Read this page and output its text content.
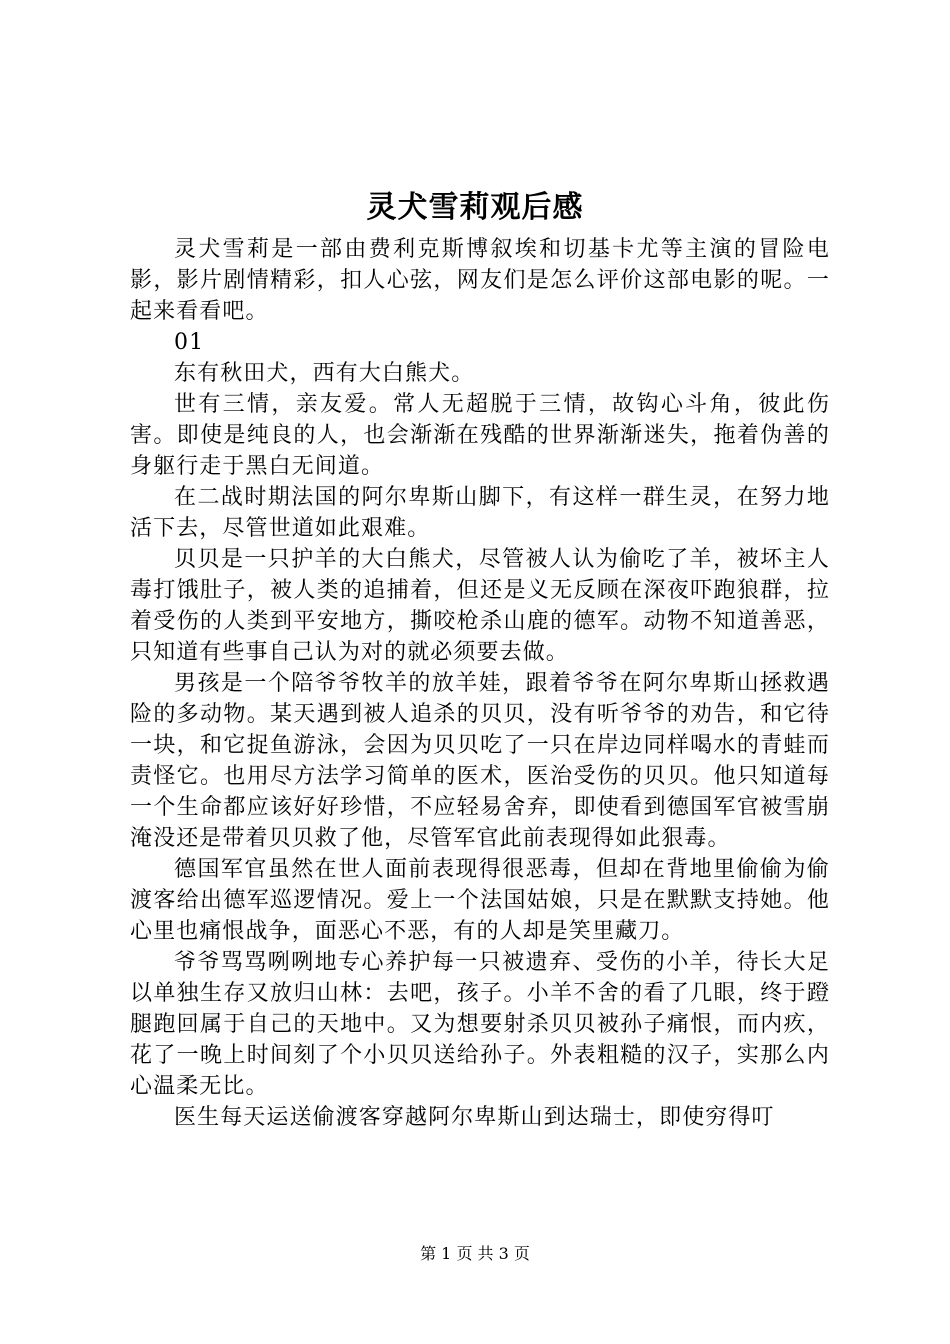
灵犬雪莉观后感

灵犬雪莉是一部由费利克斯博叙埃和切基卡尤等主演的冒险电影，影片剧情精彩，扣人心弦，网友们是怎么评价这部电影的呢。一起来看看吧。

01

东有秋田犬，西有大白熊犬。

世有三情，亲友爱。常人无超脱于三情，故钩心斗角，彼此伤害。即使是纯良的人，也会渐渐在残酷的世界渐渐迷失，拖着伪善的身躯行走于黑白无间道。

在二战时期法国的阿尔卑斯山脚下，有这样一群生灵，在努力地活下去，尽管世道如此艰难。

贝贝是一只护羊的大白熊犬，尽管被人认为偷吃了羊，被坏主人毒打饿肚子，被人类的追捕着，但还是义无反顾在深夜吓跑狼群，拉着受伤的人类到平安地方，撕咬枪杀山鹿的德军。动物不知道善恶，只知道有些事自己认为对的就必须要去做。

男孩是一个陪爷爷牧羊的放羊娃，跟着爷爷在阿尔卑斯山拯救遇险的多动物。某天遇到被人追杀的贝贝，没有听爷爷的劝告，和它待一块，和它捉鱼游泳，会因为贝贝吃了一只在岸边同样喝水的青蛙而责怪它。也用尽方法学习简单的医术，医治受伤的贝贝。他只知道每一个生命都应该好好珍惜，不应轻易舍弃，即使看到德国军官被雪崩淹没还是带着贝贝救了他，尽管军官此前表现得如此狠毒。

德国军官虽然在世人面前表现得很恶毒，但却在背地里偷偷为偷渡客给出德军巡逻情况。爱上一个法国姑娘，只是在默默支持她。他心里也痛恨战争，面恶心不恶，有的人却是笑里藏刀。

爷爷骂骂咧咧地专心养护每一只被遗弃、受伤的小羊，待长大足以单独生存又放归山林：去吧，孩子。小羊不舍的看了几眼，终于蹬腿跑回属于自己的天地中。又为想要射杀贝贝被孙子痛恨，而内疚，花了一晚上时间刻了个小贝贝送给孙子。外表粗糙的汉子，实那么内心温柔无比。

医生每天运送偷渡客穿越阿尔卑斯山到达瑞士，即使穷得叮

第 1 页 共 3 页
